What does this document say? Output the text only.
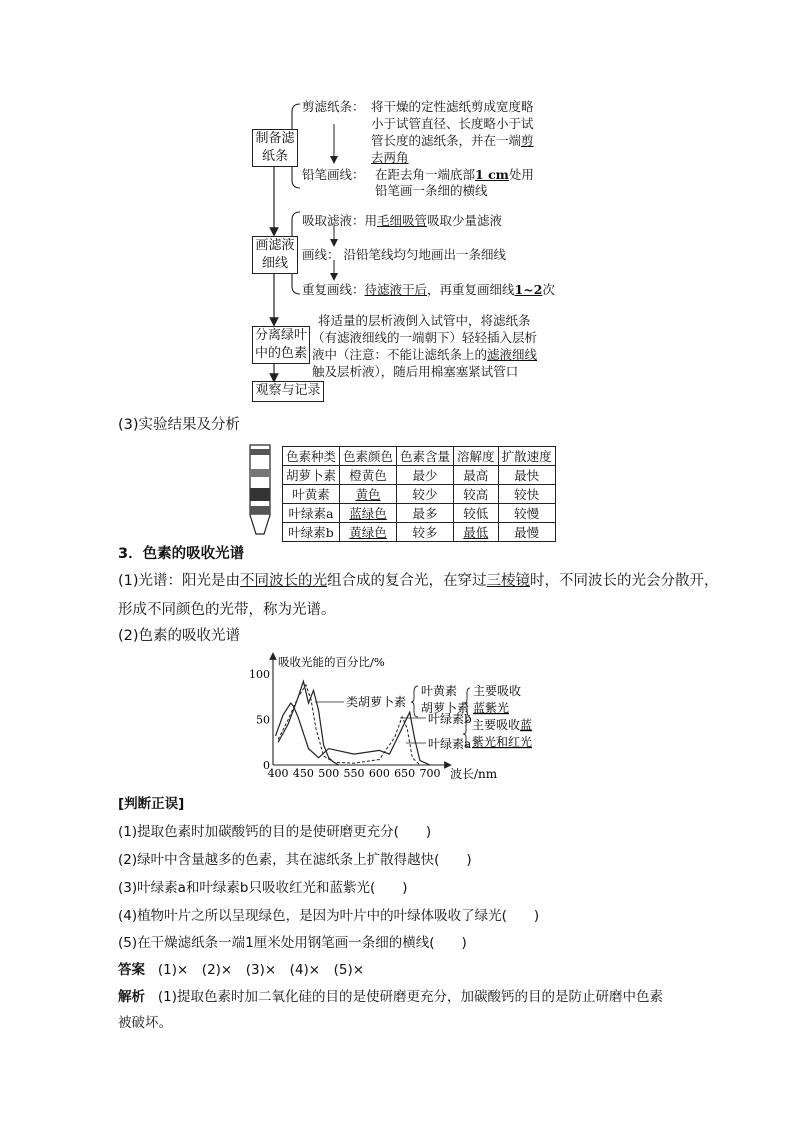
制备滤
纸条
画滤液
细线
分离绿叶
中的色素
观察与记录
剪滤纸条： 将干燥的定性滤纸剪成宽度略
小于试管直径、长度略小于试
管长度的滤纸条，并在一端剪
去两角
铅笔画线： 在距去角一端底部1 cm处用
铅笔画一条细的横线
吸取滤液：用毛细吸管吸取少量滤液
画线： 沿铅笔线均匀地画出一条细线
重复画线：待滤液干后，再重复画细线1~2次
将适量的层析液倒入试管中，将滤纸条
（有滤液细线的一端朝下）轻轻插入层析
液中（注意：不能让滤纸条上的滤液细线
触及层析液），随后用棉塞塞紧试管口
(3)实验结果及分析
色素种类	色素颜色	色素含量	溶解度	扩散速度
胡萝卜素	橙黄色	最少	最高	最快
叶黄素	黄色	较少	较高	较快
叶绿素a	蓝绿色	最多	较低	较慢
叶绿素b	黄绿色	较多	最低	最慢
3．色素的吸收光谱
(1)光谱：阳光是由不同波长的光组合成的复合光，在穿过三棱镜时，不同波长的光会分散开，
形成不同颜色的光带，称为光谱。
(2)色素的吸收光谱
吸收光能的百分比/%
波长/nm
0
50
100
400 450 500 550 600 650 700
类胡萝卜素
叶黄素
胡萝卜素
主要吸收
蓝紫光
叶绿素b
叶绿素a
主要吸收蓝
紫光和红光
[判断正误]
(1)提取色素时加碳酸钙的目的是使研磨更充分(　　)
(2)绿叶中含量越多的色素，其在滤纸条上扩散得越快(　　)
(3)叶绿素a和叶绿素b只吸收红光和蓝紫光(　　)
(4)植物叶片之所以呈现绿色，是因为叶片中的叶绿体吸收了绿光(　　)
(5)在干燥滤纸条一端1厘米处用钢笔画一条细的横线(　　)
答案 (1)×　(2)×　(3)×　(4)×　(5)×
解析 (1)提取色素时加二氧化硅的目的是使研磨更充分，加碳酸钙的目的是防止研磨中色素
被破坏。
